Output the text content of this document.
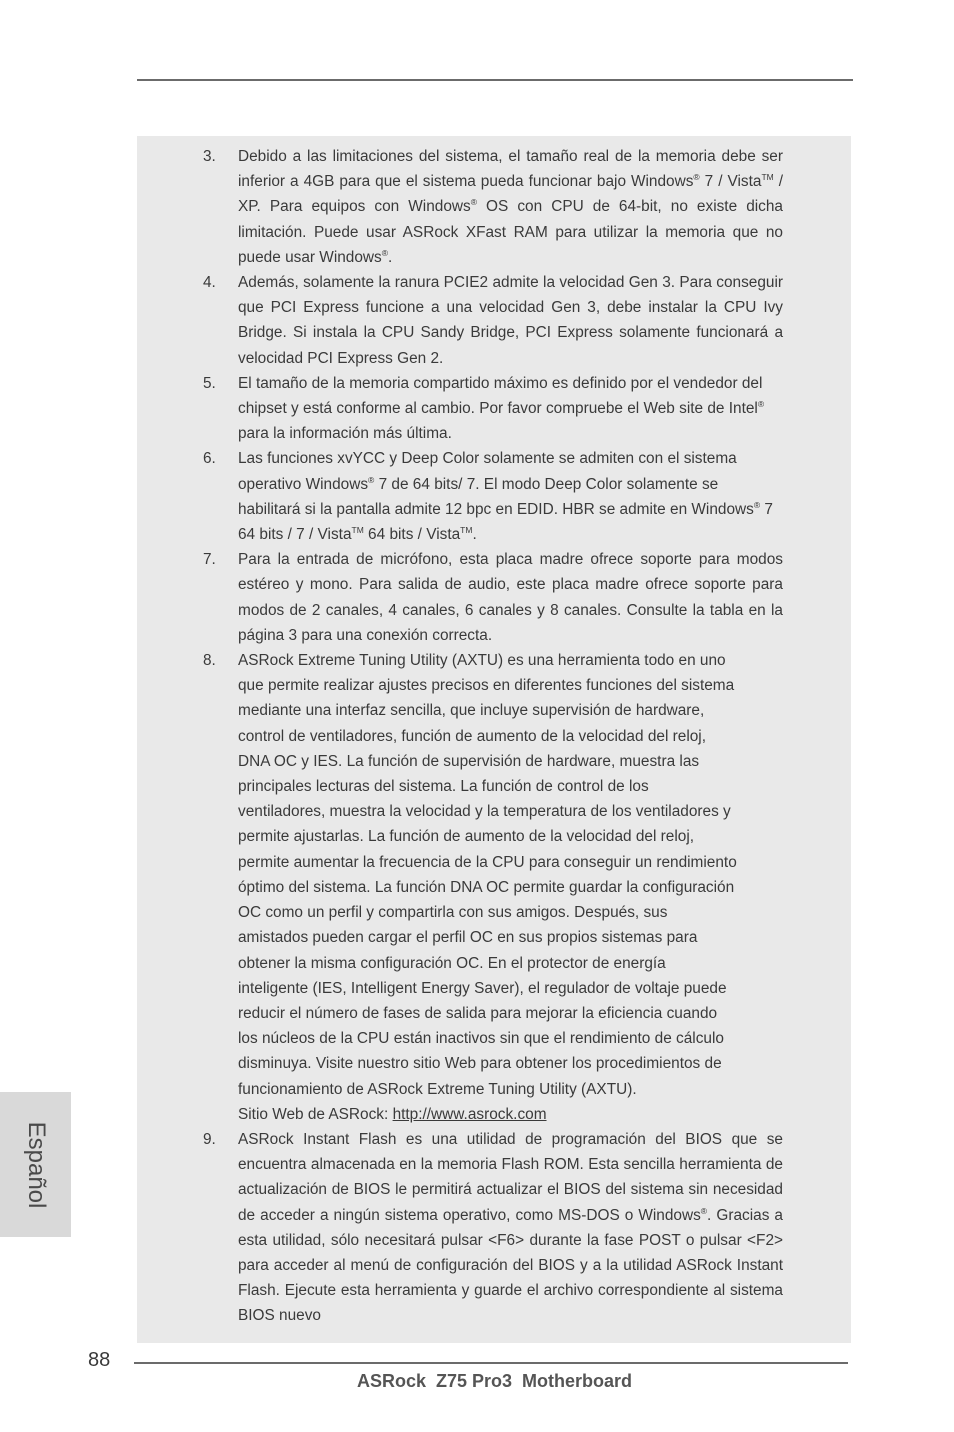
3. Debido a las limitaciones del sistema, el tamaño real de la memoria debe ser inferior a 4GB para que el sistema pueda funcionar bajo Windows® 7 / Vista™ / XP. Para equipos con Windows® OS con CPU de 64-bit, no existe dicha limitación. Puede usar ASRock XFast RAM para utilizar la memoria que no puede usar Windows®.
4. Además, solamente la ranura PCIE2 admite la velocidad Gen 3. Para conseguir que PCI Express funcione a una velocidad Gen 3, debe instalar la CPU Ivy Bridge. Si instala la CPU Sandy Bridge, PCI Express solamente funcionará a velocidad PCI Express Gen 2.
5. El tamaño de la memoria compartido máximo es definido por el vendedor del chipset y está conforme al cambio. Por favor compruebe el Web site de Intel® para la información más última.
6. Las funciones xvYCC y Deep Color solamente se admiten con el sistema operativo Windows® 7 de 64 bits/ 7. El modo Deep Color solamente se habilitará si la pantalla admite 12 bpc en EDID. HBR se admite en Windows® 7 64 bits / 7 / Vista™ 64 bits / Vista™.
7. Para la entrada de micrófono, esta placa madre ofrece soporte para modos estéreo y mono. Para salida de audio, este placa madre ofrece soporte para modos de 2 canales, 4 canales, 6 canales y 8 canales. Consulte la tabla en la página 3 para una conexión correcta.
8. ASRock Extreme Tuning Utility (AXTU) es una herramienta todo en uno
que permite realizar ajustes precisos en diferentes funciones del sistema
mediante una interfaz sencilla, que incluye supervisión de hardware,
control de ventiladores, función de aumento de la velocidad del reloj,
DNA OC y IES. La función de supervisión de hardware, muestra las
principales lecturas del sistema. La función de control de los
ventiladores, muestra la velocidad y la temperatura de los ventiladores y
permite ajustarlas. La función de aumento de la velocidad del reloj,
permite aumentar la frecuencia de la CPU para conseguir un rendimiento
óptimo del sistema. La función DNA OC permite guardar la configuración
OC como un perfil y compartirla con sus amigos. Después, sus
amistados pueden cargar el perfil OC en sus propios sistemas para
obtener la misma configuración OC. En el protector de energía
inteligente (IES, Intelligent Energy Saver), el regulador de voltaje puede
reducir el número de fases de salida para mejorar la eficiencia cuando
los núcleos de la CPU están inactivos sin que el rendimiento de cálculo
disminuya. Visite nuestro sitio Web para obtener los procedimientos de
funcionamiento de ASRock Extreme Tuning Utility (AXTU).
Sitio Web de ASRock: http://www.asrock.com
9. ASRock Instant Flash es una utilidad de programación del BIOS que se encuentra almacenada en la memoria Flash ROM. Esta sencilla herramienta de actualización de BIOS le permitirá actualizar el BIOS del sistema sin necesidad de acceder a ningún sistema operativo, como MS-DOS o Windows®. Gracias a esta utilidad, sólo necesitará pulsar <F6> durante la fase POST o pulsar <F2> para acceder al menú de configuración del BIOS y a la utilidad ASRock Instant Flash. Ejecute esta herramienta y guarde el archivo correspondiente al sistema BIOS nuevo
Español
88
ASRock  Z75 Pro3  Motherboard
